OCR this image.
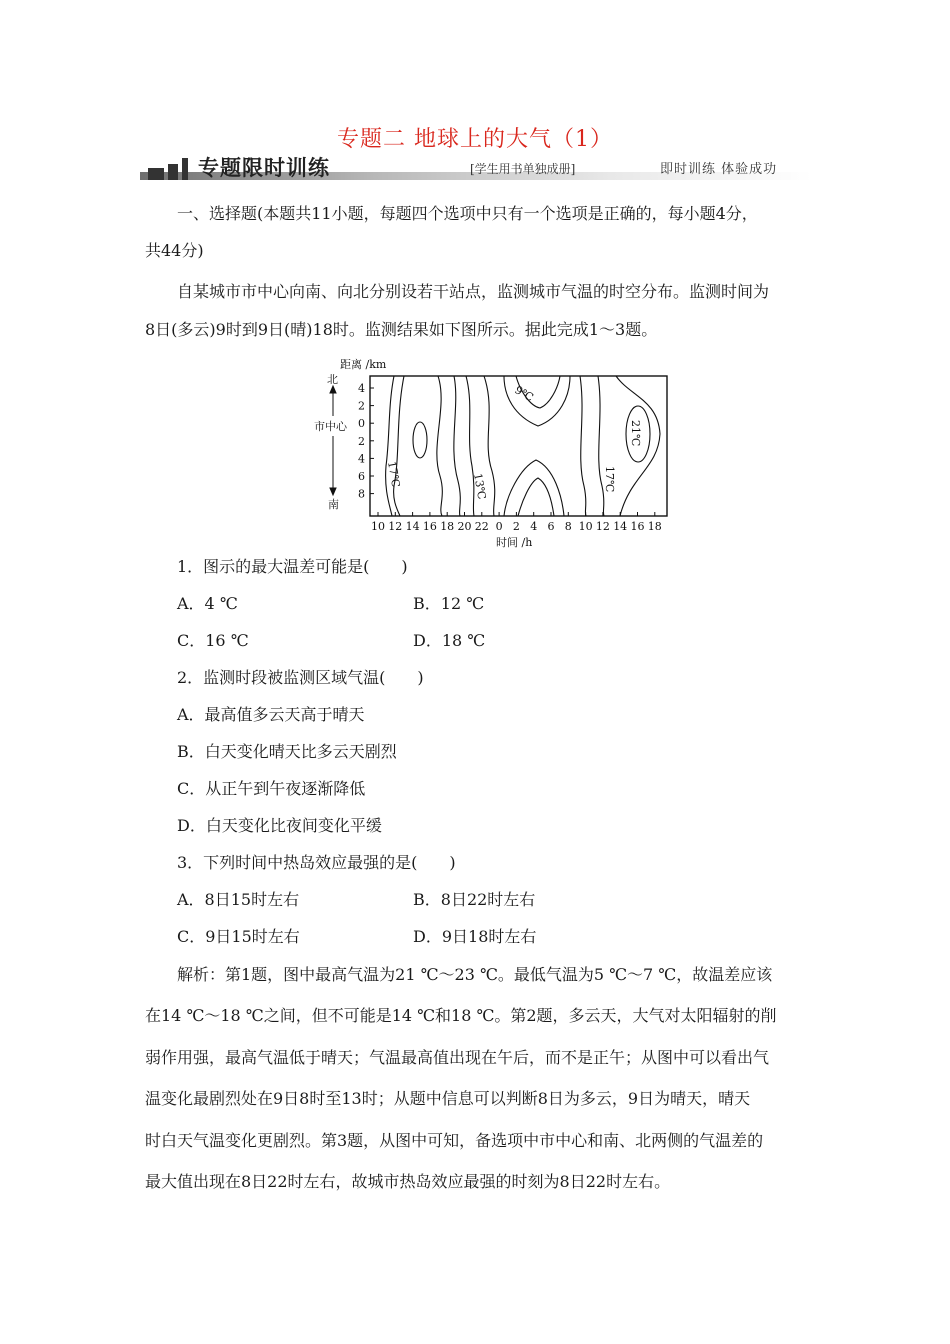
专题二 地球上的大气（1）
专题限时训练	[学生用书单独成册]	即时训练 体验成功
一、选择题(本题共11小题，每题四个选项中只有一个选项是正确的，每小题4分，
共44分)
自某城市市中心向南、向北分别设若干站点，监测城市气温的时空分布。监测时间为
8日(多云)9时到9日(晴)18时。监测结果如下图所示。据此完成1～3题。
距离 /km
北
市中心
南
时间 /h
4
2
0
2
4
6
8
10 12 14 16 18 20 22 0 2 4 6 8 10 12 14 16 18
9℃
17℃	13℃	17℃
21℃
1．图示的最大温差可能是(　　)
A．4 ℃	B．12 ℃
C．16 ℃	D．18 ℃
2．监测时段被监测区域气温(　　)
A．最高值多云天高于晴天
B．白天变化晴天比多云天剧烈
C．从正午到午夜逐渐降低
D．白天变化比夜间变化平缓
3．下列时间中热岛效应最强的是(　　)
A．8日15时左右	B．8日22时左右
C．9日15时左右	D．9日18时左右
解析：第1题，图中最高气温为21 ℃～23 ℃。最低气温为5 ℃～7 ℃，故温差应该
在14 ℃～18 ℃之间，但不可能是14 ℃和18 ℃。第2题，多云天，大气对太阳辐射的削
弱作用强，最高气温低于晴天；气温最高值出现在午后，而不是正午；从图中可以看出气
温变化最剧烈处在9日8时至13时；从题中信息可以判断8日为多云，9日为晴天，晴天
时白天气温变化更剧烈。第3题，从图中可知，备选项中市中心和南、北两侧的气温差的
最大值出现在8日22时左右，故城市热岛效应最强的时刻为8日22时左右。
